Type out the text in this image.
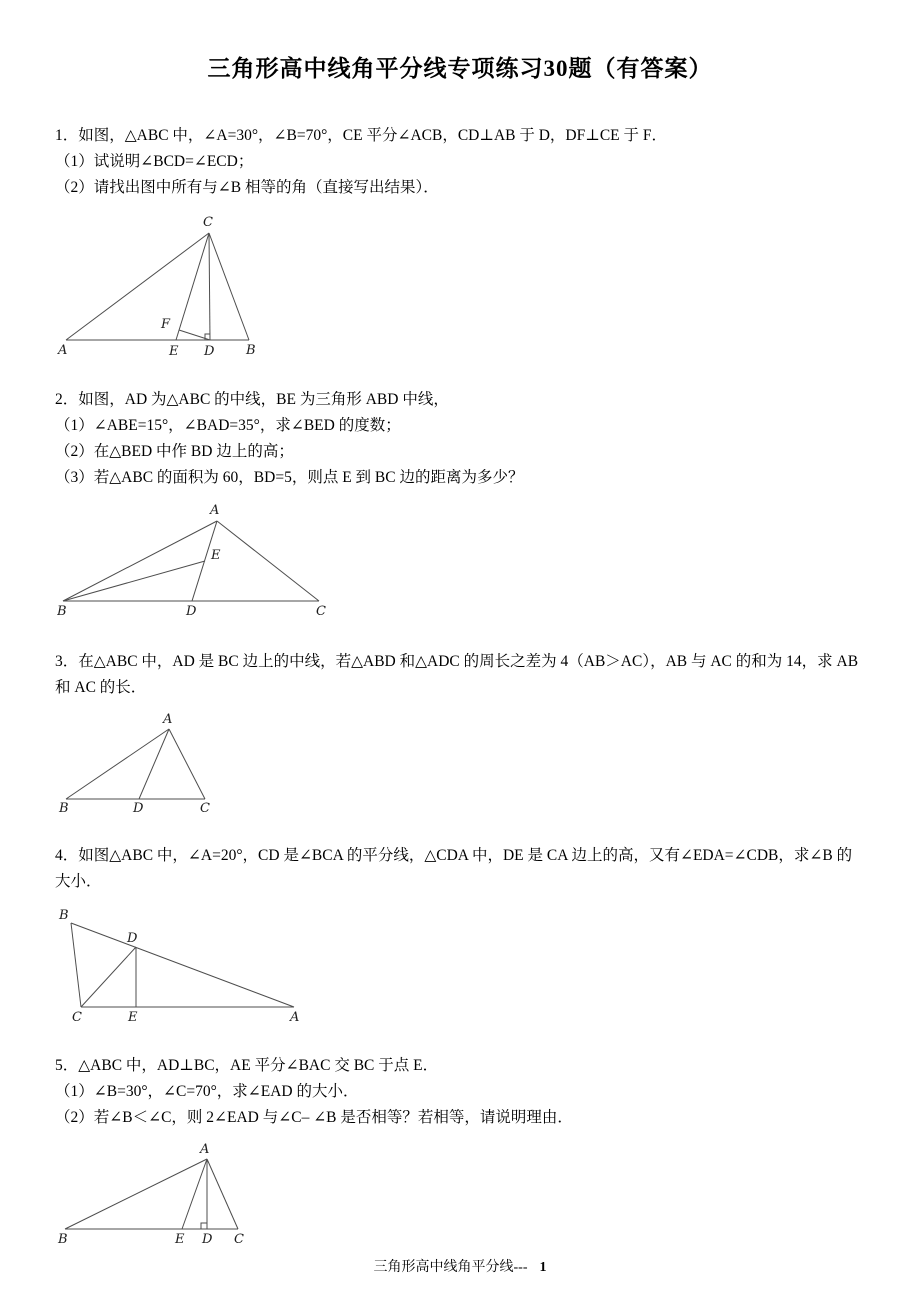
三角形高中线角平分线专项练习30题（有答案）

1．如图，△ABC 中，∠A=30°，∠B=70°，CE 平分∠ACB，CD⊥AB 于 D，DF⊥CE 于 F．

（1）试说明∠BCD=∠ECD；

（2）请找出图中所有与∠B 相等的角（直接写出结果）．

C
A	B
E D
F

2．如图，AD 为△ABC 的中线，BE 为三角形 ABD 中线，

（1）∠ABE=15°，∠BAD=35°，求∠BED 的度数；

（2）在△BED 中作 BD 边上的高；

（3）若△ABC 的面积为 60，BD=5，则点 E 到 BC 边的距离为多少？

A
B	D	C
E

3．在△ABC 中，AD 是 BC 边上的中线，若△ABD 和△ADC 的周长之差为 4（AB＞AC），AB 与 AC 的和为 14，求 AB 和 AC 的长．

A
B	D	C

4．如图△ABC 中，∠A=20°，CD 是∠BCA 的平分线，△CDA 中，DE 是 CA 边上的高，又有∠EDA=∠CDB，求∠B 的大小．

B
D
C	E	A

5．△ABC 中，AD⊥BC，AE 平分∠BAC 交 BC 于点 E．

（1）∠B=30°，∠C=70°，求∠EAD 的大小．

（2）若∠B＜∠C，则 2∠EAD 与∠C– ∠B 是否相等？若相等，请说明理由．

A
B	E D C
三角形高中线角平分线--- 1
